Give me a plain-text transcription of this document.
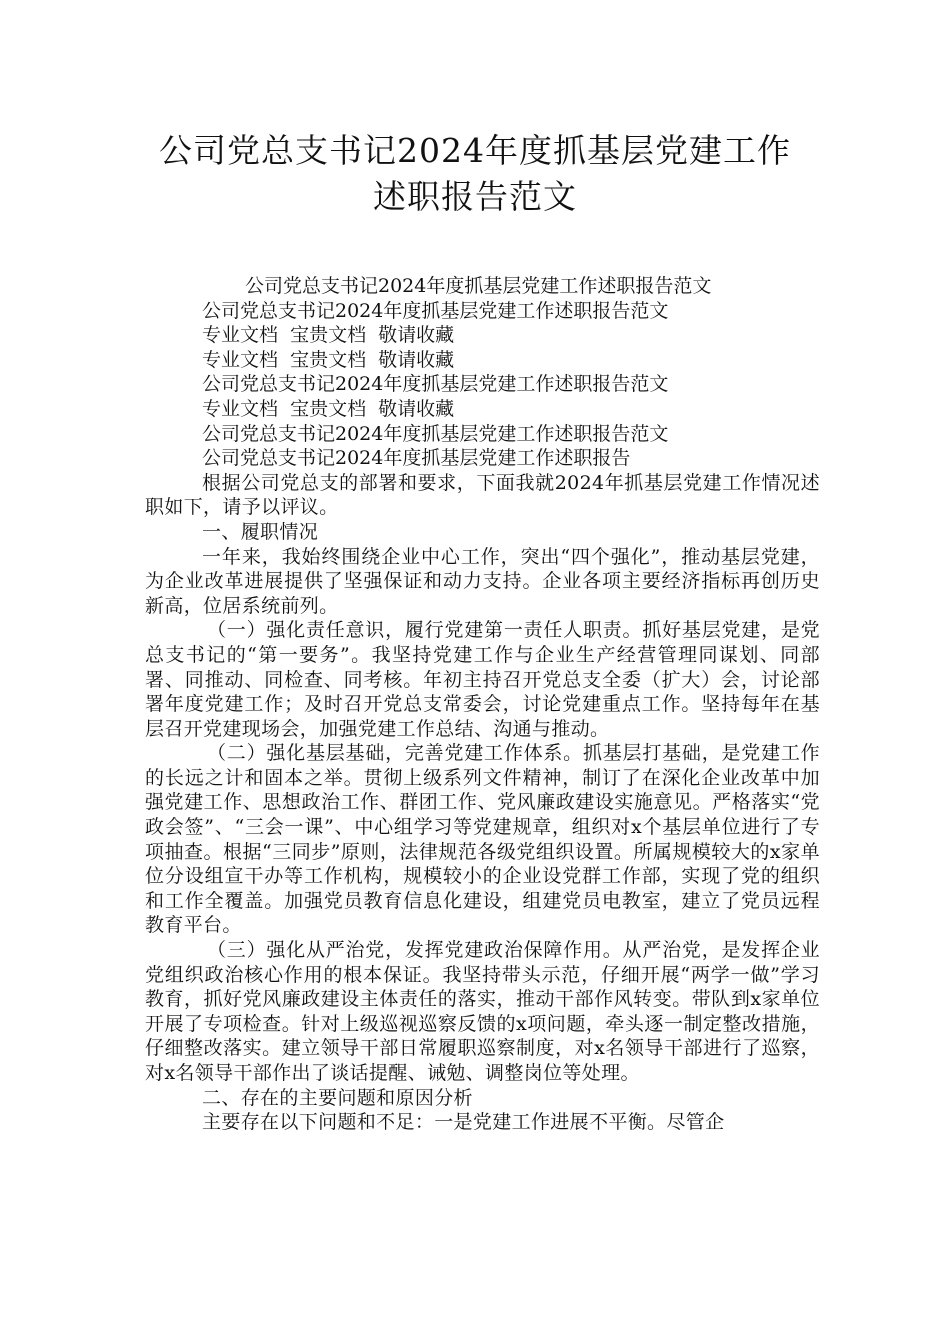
公司党总支书记2024年度抓基层党建工作
述职报告范文

公司党总支书记2024年度抓基层党建工作述职报告范文

公司党总支书记2024年度抓基层党建工作述职报告范文

专业文档  宝贵文档  敬请收藏

专业文档  宝贵文档  敬请收藏

公司党总支书记2024年度抓基层党建工作述职报告范文

专业文档  宝贵文档  敬请收藏

公司党总支书记2024年度抓基层党建工作述职报告范文

公司党总支书记2024年度抓基层党建工作述职报告

根据公司党总支的部署和要求，下面我就2024年抓基层党建工作情况述职如下，请予以评议。

一、履职情况

一年来，我始终围绕企业中心工作，突出“四个强化”，推动基层党建，为企业改革进展提供了坚强保证和动力支持。企业各项主要经济指标再创历史新高，位居系统前列。

（一）强化责任意识，履行党建第一责任人职责。抓好基层党建，是党总支书记的“第一要务”。我坚持党建工作与企业生产经营管理同谋划、同部署、同推动、同检查、同考核。年初主持召开党总支全委（扩大）会，讨论部署年度党建工作；及时召开党总支常委会，讨论党建重点工作。坚持每年在基层召开党建现场会，加强党建工作总结、沟通与推动。

（二）强化基层基础，完善党建工作体系。抓基层打基础，是党建工作的长远之计和固本之举。贯彻上级系列文件精神，制订了在深化企业改革中加强党建工作、思想政治工作、群团工作、党风廉政建设实施意见。严格落实“党政会签”、“三会一课”、中心组学习等党建规章，组织对x个基层单位进行了专项抽查。根据“三同步”原则，法律规范各级党组织设置。所属规模较大的x家单位分设组宣干办等工作机构，规模较小的企业设党群工作部，实现了党的组织和工作全覆盖。加强党员教育信息化建设，组建党员电教室，建立了党员远程教育平台。

（三）强化从严治党，发挥党建政治保障作用。从严治党，是发挥企业党组织政治核心作用的根本保证。我坚持带头示范，仔细开展“两学一做”学习教育，抓好党风廉政建设主体责任的落实，推动干部作风转变。带队到x家单位开展了专项检查。针对上级巡视巡察反馈的x项问题，牵头逐一制定整改措施，仔细整改落实。建立领导干部日常履职巡察制度，对x名领导干部进行了巡察，对x名领导干部作出了谈话提醒、诫勉、调整岗位等处理。

二、存在的主要问题和原因分析

主要存在以下问题和不足：一是党建工作进展不平衡。尽管企
